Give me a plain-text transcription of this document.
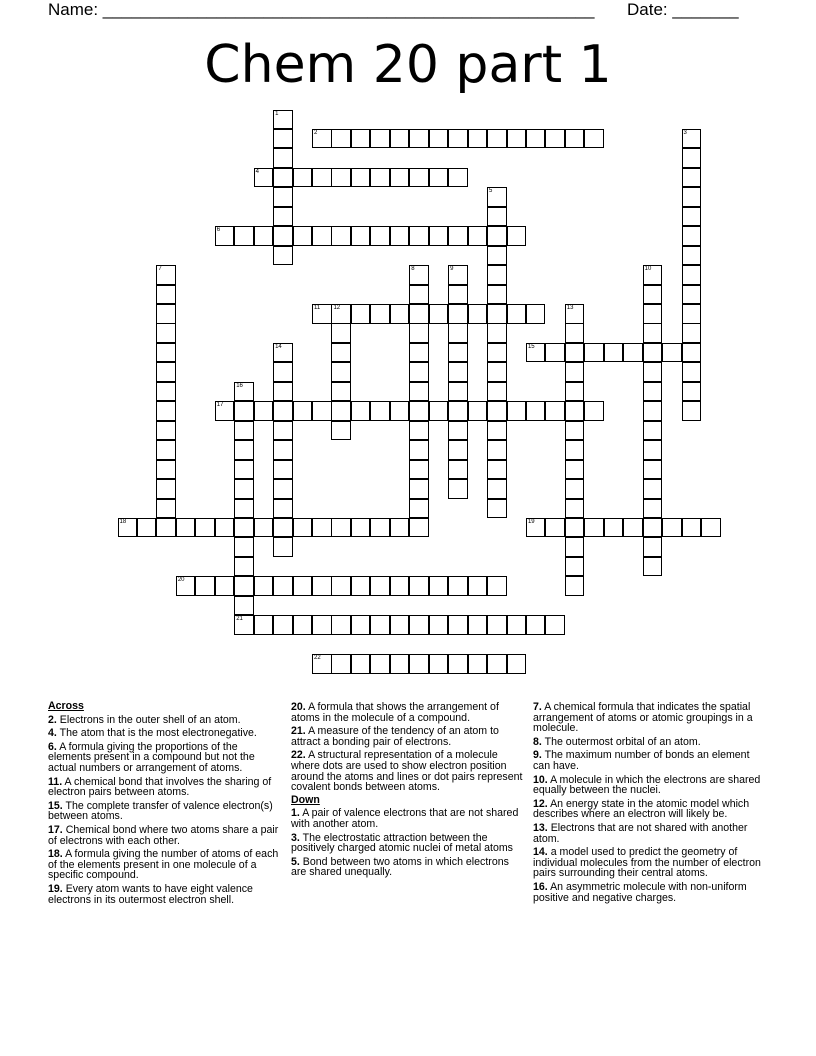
Name: ____________________________________________________ Date: _______
Chem 20 part 1
1
2	3
4
5
6
7	8	9	10
11 12	13
14	15
16
17
18	19
20
21
22
Across
2. Electrons in the outer shell of an atom.
4. The atom that is the most electronegative.
6. A formula giving the proportions of the elements present in a compound but not the actual numbers or arrangement of atoms.
11. A chemical bond that involves the sharing of electron pairs between atoms.
15. The complete transfer of valence electron(s) between atoms.
17. Chemical bond where two atoms share a pair of electrons with each other.
18. A formula giving the number of atoms of each of the elements present in one molecule of a specific compound.
19. Every atom wants to have eight valence electrons in its outermost electron shell.
20. A formula that shows the arrangement of atoms in the molecule of a compound.
21. A measure of the tendency of an atom to attract a bonding pair of electrons.
22. A structural representation of a molecule where dots are used to show electron position around the atoms and lines or dot pairs represent covalent bonds between atoms.
Down
1. A pair of valence electrons that are not shared with another atom.
3. The electrostatic attraction between the positively charged atomic nuclei of metal atoms
5. Bond between two atoms in which electrons are shared unequally.
7. A chemical formula that indicates the spatial arrangement of atoms or atomic groupings in a molecule.
8. The outermost orbital of an atom.
9. The maximum number of bonds an element can have.
10. A molecule in which the electrons are shared equally between the nuclei.
12. An energy state in the atomic model which describes where an electron will likely be.
13. Electrons that are not shared with another atom.
14. a model used to predict the geometry of individual molecules from the number of electron pairs surrounding their central atoms.
16. An asymmetric molecule with non-uniform positive and negative charges.
